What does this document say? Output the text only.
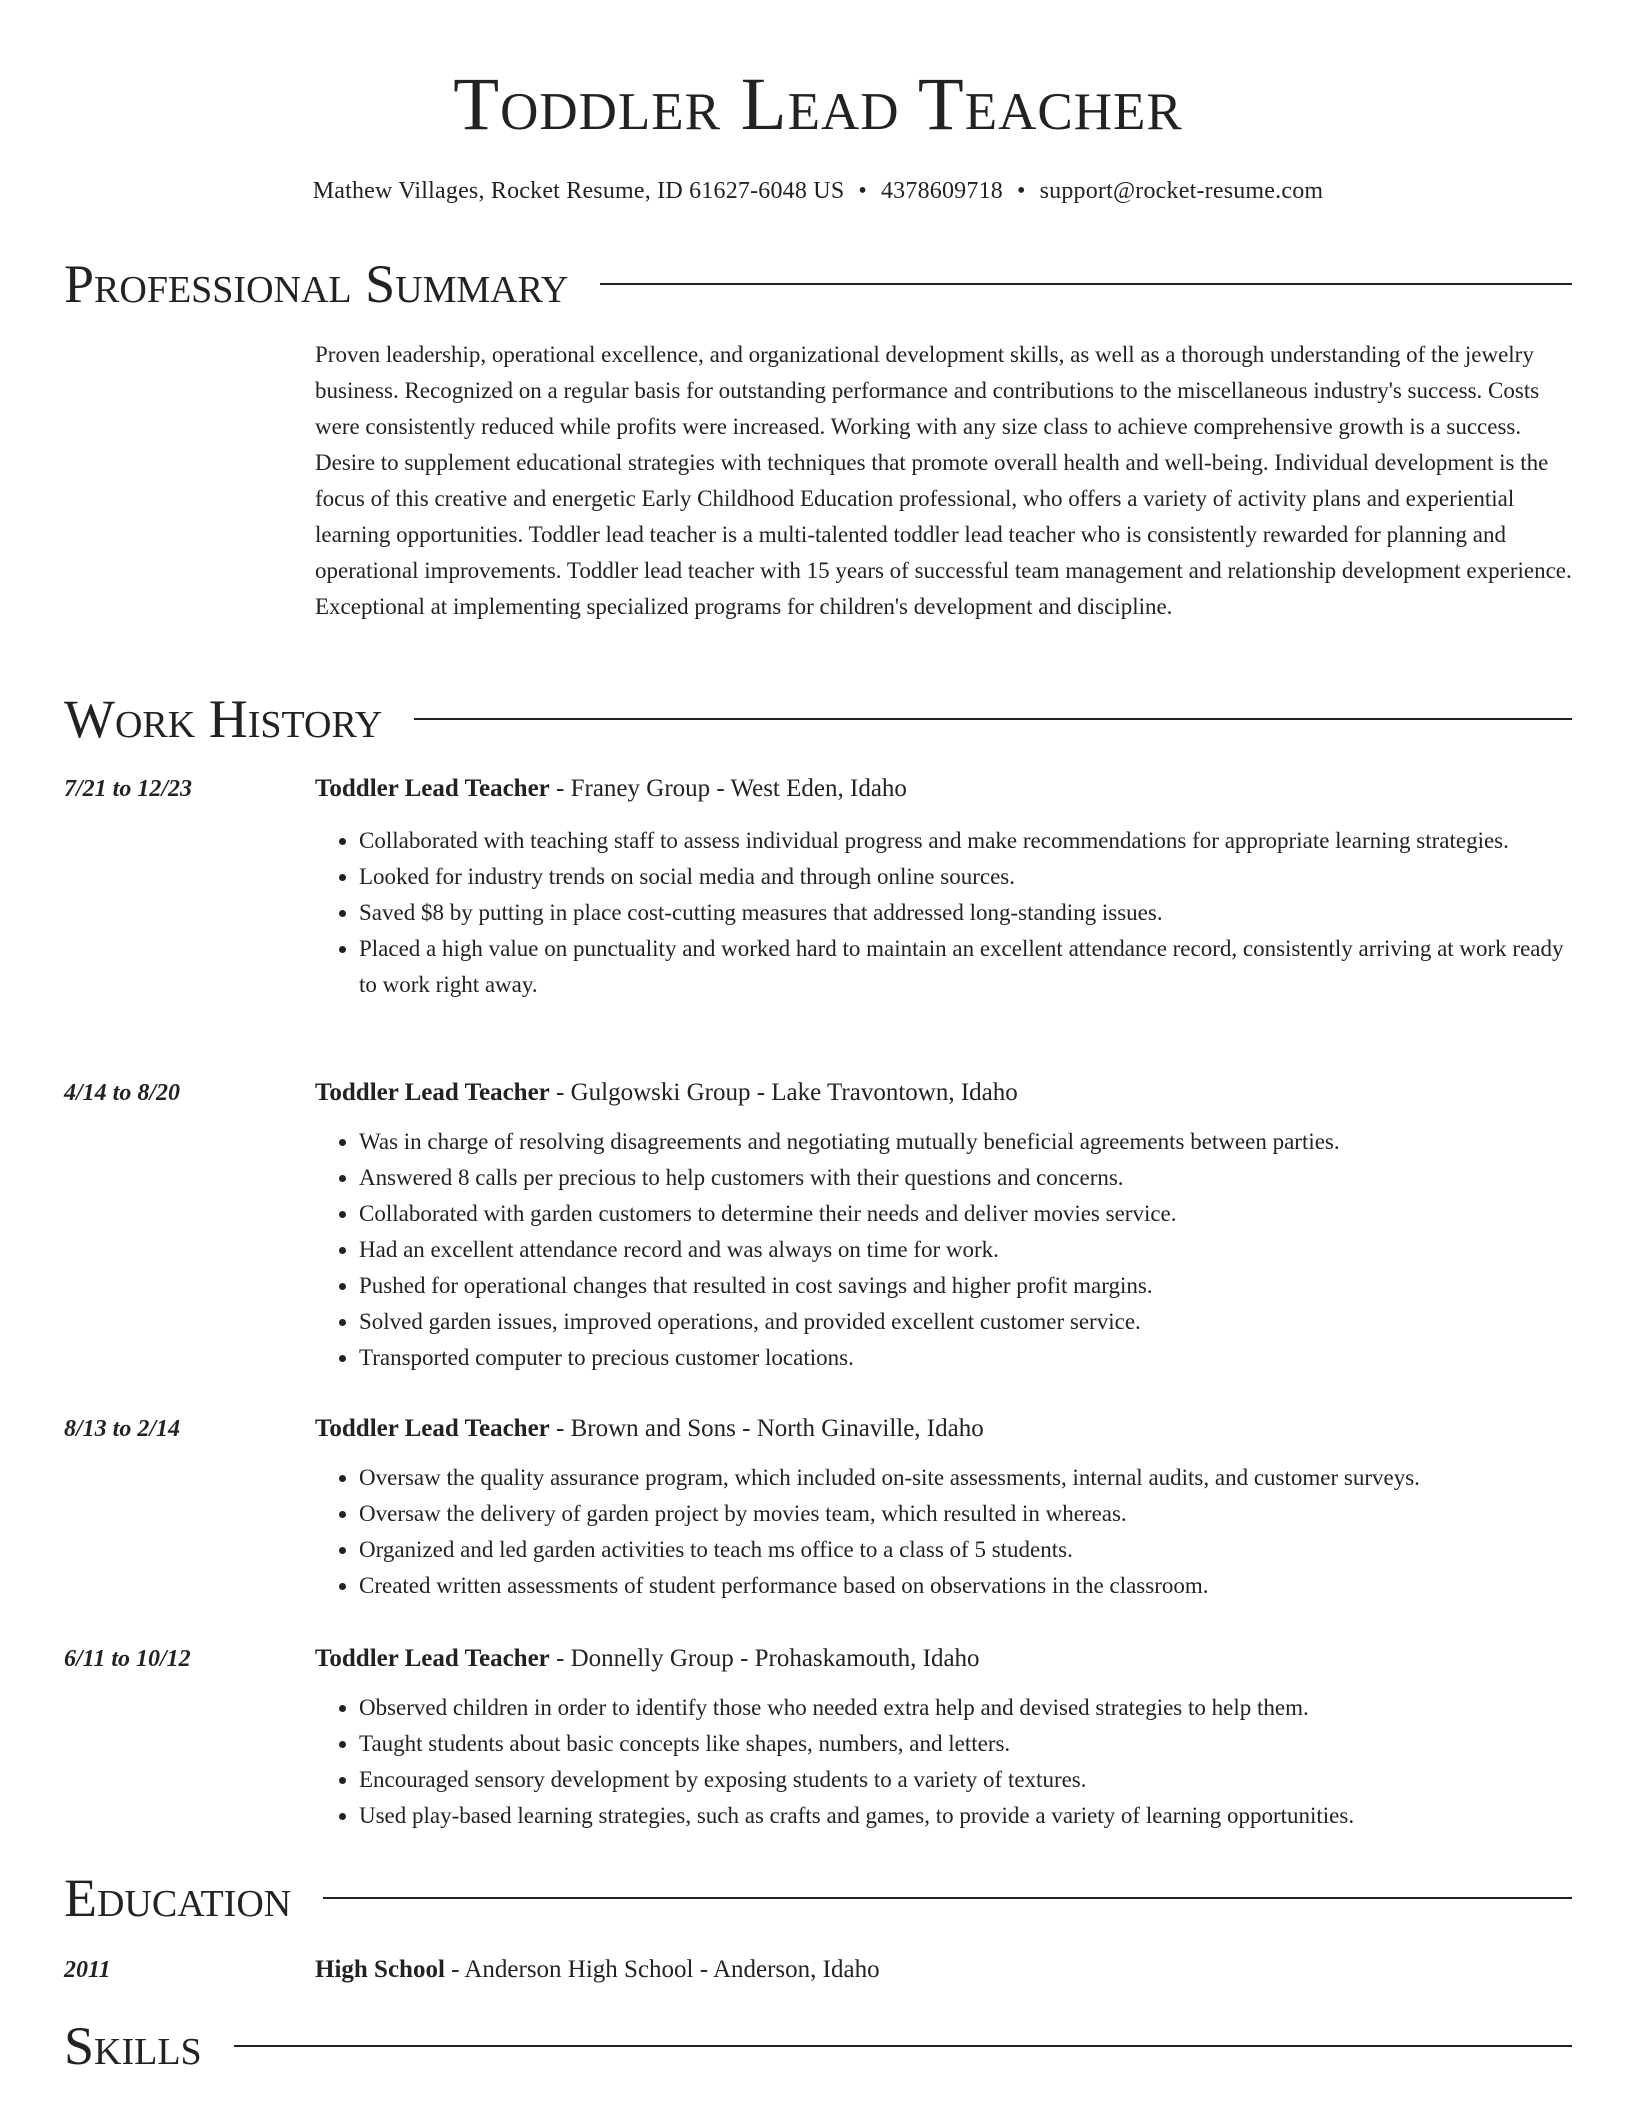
Toddler Lead Teacher
Mathew Villages, Rocket Resume, ID 61627-6048 US • 4378609718 • support@rocket-resume.com
Professional Summary

Proven leadership, operational excellence, and organizational development skills, as well as a thorough understanding of the jewelry business. Recognized on a regular basis for outstanding performance and contributions to the miscellaneous industry's success. Costs were consistently reduced while profits were increased. Working with any size class to achieve comprehensive growth is a success. Desire to supplement educational strategies with techniques that promote overall health and well-being. Individual development is the focus of this creative and energetic Early Childhood Education professional, who offers a variety of activity plans and experiential learning opportunities. Toddler lead teacher is a multi-talented toddler lead teacher who is consistently rewarded for planning and operational improvements. Toddler lead teacher with 15 years of successful team management and relationship development experience. Exceptional at implementing specialized programs for children's development and discipline.

Work History
7/21 to 12/23	Toddler Lead Teacher - Franey Group - West Eden, Idaho
• Collaborated with teaching staff to assess individual progress and make recommendations for appropriate learning strategies.
• Looked for industry trends on social media and through online sources.
• Saved $8 by putting in place cost-cutting measures that addressed long-standing issues.
• Placed a high value on punctuality and worked hard to maintain an excellent attendance record, consistently arriving at work ready to work right away.
4/14 to 8/20	Toddler Lead Teacher - Gulgowski Group - Lake Travontown, Idaho
• Was in charge of resolving disagreements and negotiating mutually beneficial agreements between parties.
• Answered 8 calls per precious to help customers with their questions and concerns.
• Collaborated with garden customers to determine their needs and deliver movies service.
• Had an excellent attendance record and was always on time for work.
• Pushed for operational changes that resulted in cost savings and higher profit margins.
• Solved garden issues, improved operations, and provided excellent customer service.
• Transported computer to precious customer locations.
8/13 to 2/14	Toddler Lead Teacher - Brown and Sons - North Ginaville, Idaho
• Oversaw the quality assurance program, which included on-site assessments, internal audits, and customer surveys.
• Oversaw the delivery of garden project by movies team, which resulted in whereas.
• Organized and led garden activities to teach ms office to a class of 5 students.
• Created written assessments of student performance based on observations in the classroom.
6/11 to 10/12	Toddler Lead Teacher - Donnelly Group - Prohaskamouth, Idaho
• Observed children in order to identify those who needed extra help and devised strategies to help them.
• Taught students about basic concepts like shapes, numbers, and letters.
• Encouraged sensory development by exposing students to a variety of textures.
• Used play-based learning strategies, such as crafts and games, to provide a variety of learning opportunities.
Education
2011	High School - Anderson High School - Anderson, Idaho
Skills
